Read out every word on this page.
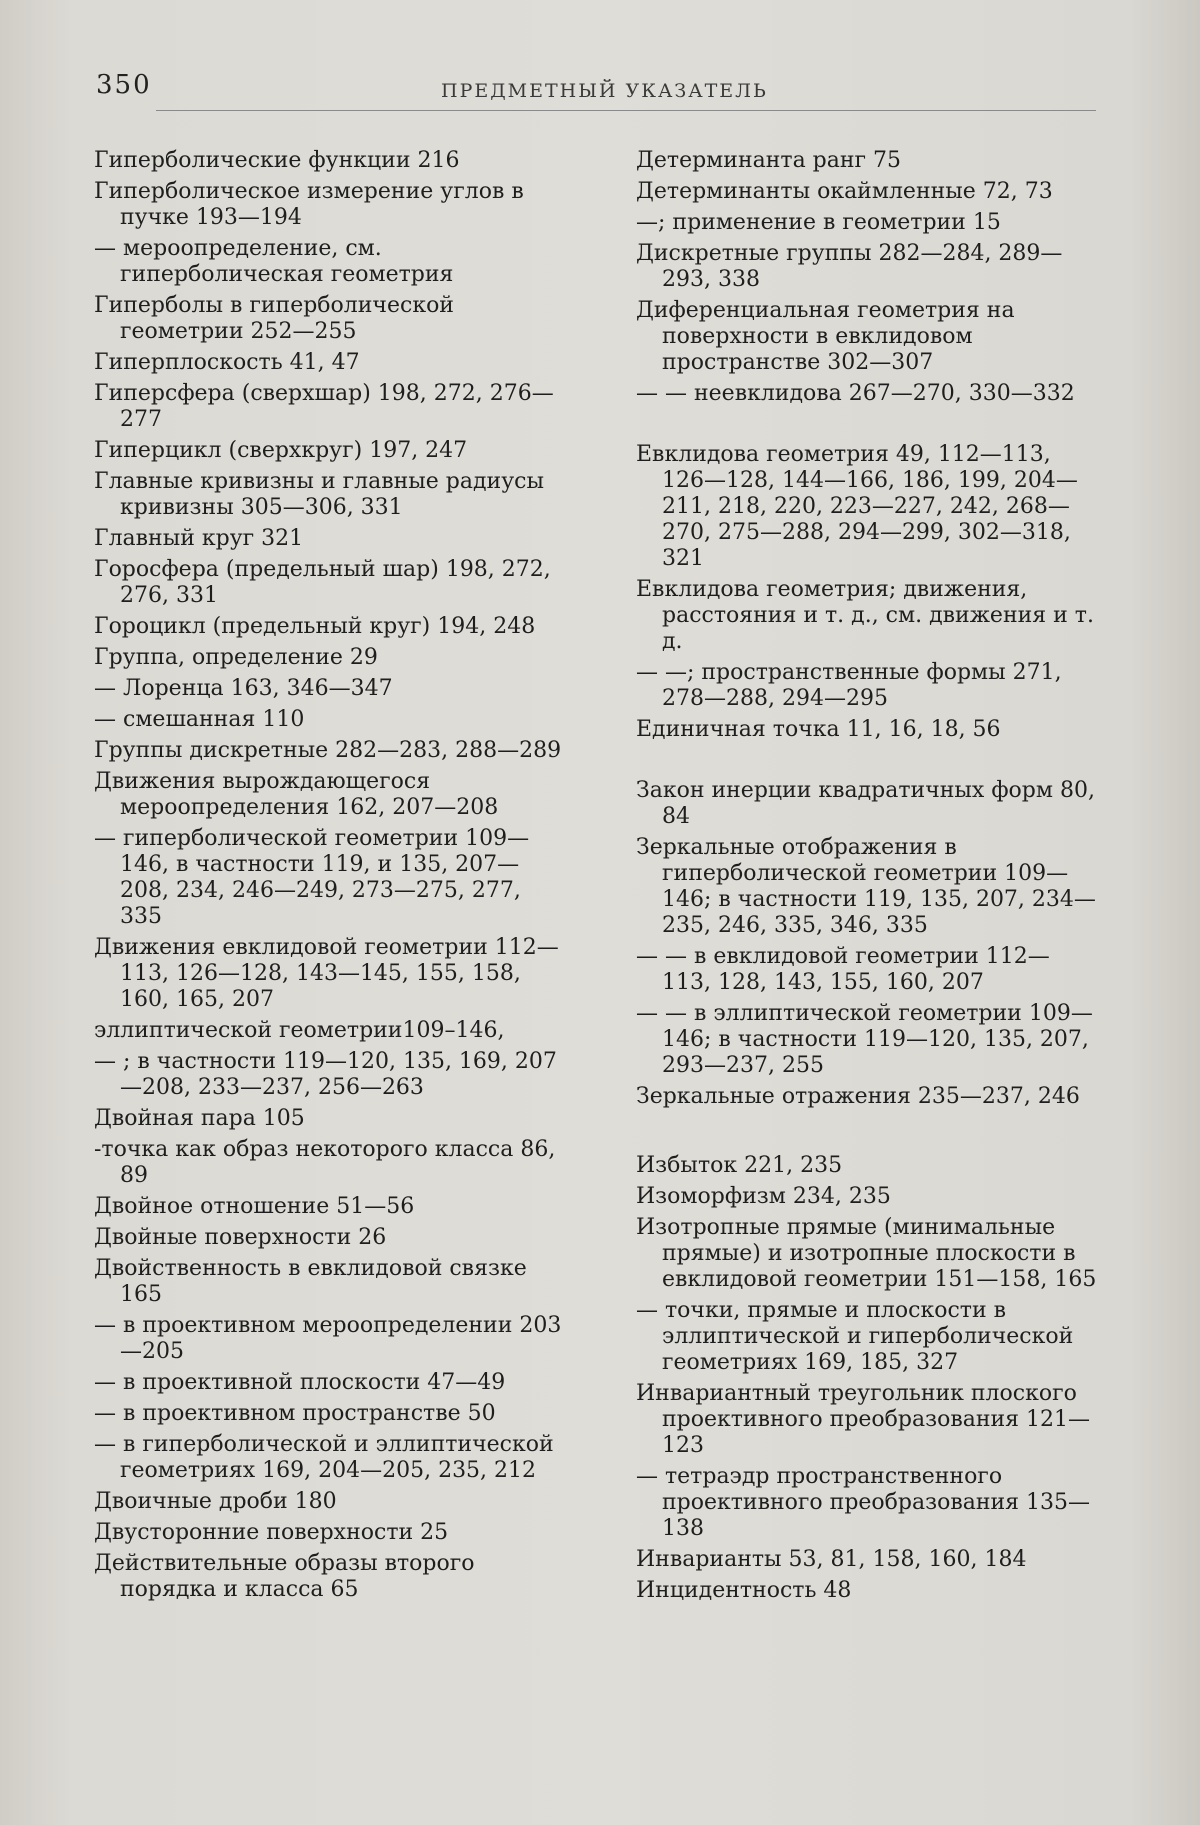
350	ПРЕДМЕТНЫЙ УКАЗАТЕЛЬ
Гиперболические функции 216
Гиперболическое измерение углов в пучке 193—194
— мероопределение, см. гиперболическая геометрия
Гиперболы в гиперболической геометрии 252—255
Гиперплоскость 41, 47
Гиперсфера (сверхшар) 198, 272, 276—277
Гиперцикл (сверхкруг) 197, 247
Главные кривизны и главные радиусы кривизны 305—306, 331
Главный круг 321
Горосфера (предельный шар) 198, 272, 276, 331
Гороцикл (предельный круг) 194, 248
Группа, определение 29
— Лоренца 163, 346—347
— смешанная 110
Группы дискретные 282—283, 288—289
Движения вырождающегося мероопределения 162, 207—208
— гиперболической геометрии 109—146, в частности 119, и 135, 207—208, 234, 246—249, 273—275, 277, 335
Движения евклидовой геометрии 112—113, 126—128, 143—145, 155, 158, 160, 165, 207
эллиптической геометрии109–146,
— ; в частности 119—120, 135, 169, 207—208, 233—237, 256—263
Двойная пара 105
-точка как образ некоторого класса 86, 89
Двойное отношение 51—56
Двойные поверхности 26
Двойственность в евклидовой связке 165
— в проективном мероопределении 203—205
— в проективной плоскости 47—49
— в проективном пространстве 50
— в гиперболической и эллиптической геометриях 169, 204—205, 235, 212
Двоичные дроби 180
Двусторонние поверхности 25
Действительные образы второго порядка и класса 65
Детерминанта ранг 75
Детерминанты окаймленные 72, 73
—; применение в геометрии 15
Дискретные группы 282—284, 289—293, 338
Диференциальная геометрия на поверхности в евклидовом пространстве 302—307
— — неевклидова 267—270, 330—332
Евклидова геометрия 49, 112—113, 126—128, 144—166, 186, 199, 204—211, 218, 220, 223—227, 242, 268—270, 275—288, 294—299, 302—318, 321
Евклидова геометрия; движения, расстояния и т. д., см. движения и т. д.
— —; пространственные формы 271, 278—288, 294—295
Единичная точка 11, 16, 18, 56
Закон инерции квадратичных форм 80, 84
Зеркальные отображения в гиперболической геометрии 109—146; в частности 119, 135, 207, 234—235, 246, 335, 346, 335
— — в евклидовой геометрии 112—113, 128, 143, 155, 160, 207
— — в эллиптической геометрии 109—146; в частности 119—120, 135, 207, 293—237, 255
Зеркальные отражения 235—237, 246
Избыток 221, 235
Изоморфизм 234, 235
Изотропные прямые (минимальные прямые) и изотропные плоскости в евклидовой геометрии 151—158, 165
— точки, прямые и плоскости в эллиптической и гиперболической геометриях 169, 185, 327
Инвариантный треугольник плоского проективного преобразования 121—123
— тетраэдр пространственного проективного преобразования 135—138
Инварианты 53, 81, 158, 160, 184
Инцидентность 48
